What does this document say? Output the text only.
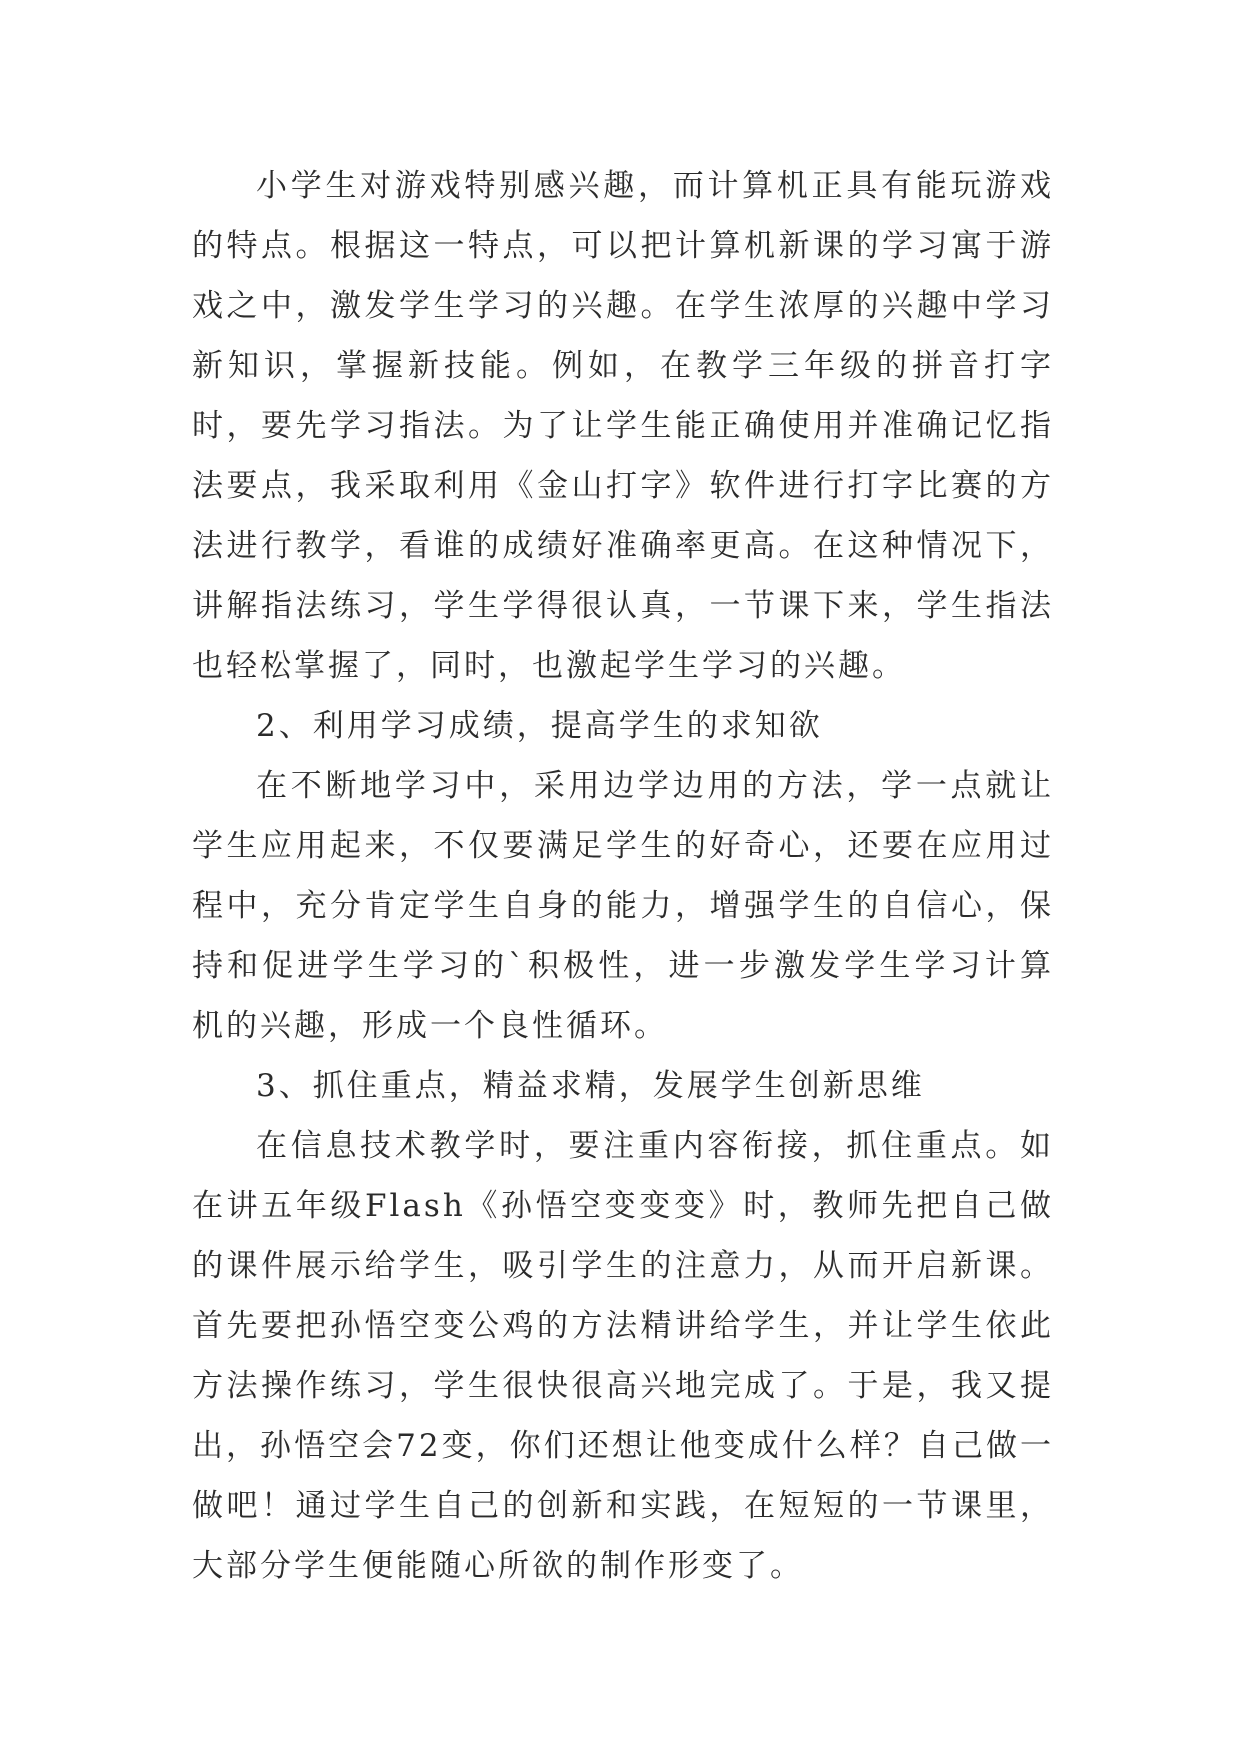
小学生对游戏特别感兴趣，而计算机正具有能玩游戏的特点。根据这一特点，可以把计算机新课的学习寓于游戏之中，激发学生学习的兴趣。在学生浓厚的兴趣中学习新知识，掌握新技能。例如，在教学三年级的拼音打字时，要先学习指法。为了让学生能正确使用并准确记忆指法要点，我采取利用《金山打字》软件进行打字比赛的方法进行教学，看谁的成绩好准确率更高。在这种情况下，讲解指法练习，学生学得很认真，一节课下来，学生指法也轻松掌握了，同时，也激起学生学习的兴趣。

2、利用学习成绩，提高学生的求知欲

在不断地学习中，采用边学边用的方法，学一点就让学生应用起来，不仅要满足学生的好奇心，还要在应用过程中，充分肯定学生自身的能力，增强学生的自信心，保持和促进学生学习的`积极性，进一步激发学生学习计算机的兴趣，形成一个良性循环。

3、抓住重点，精益求精，发展学生创新思维

在信息技术教学时，要注重内容衔接，抓住重点。如在讲五年级Flash《孙悟空变变变》时，教师先把自己做的课件展示给学生，吸引学生的注意力，从而开启新课。首先要把孙悟空变公鸡的方法精讲给学生，并让学生依此方法操作练习，学生很快很高兴地完成了。于是，我又提出，孙悟空会72变，你们还想让他变成什么样？自己做一做吧！通过学生自己的创新和实践，在短短的一节课里，大部分学生便能随心所欲的制作形变了。
